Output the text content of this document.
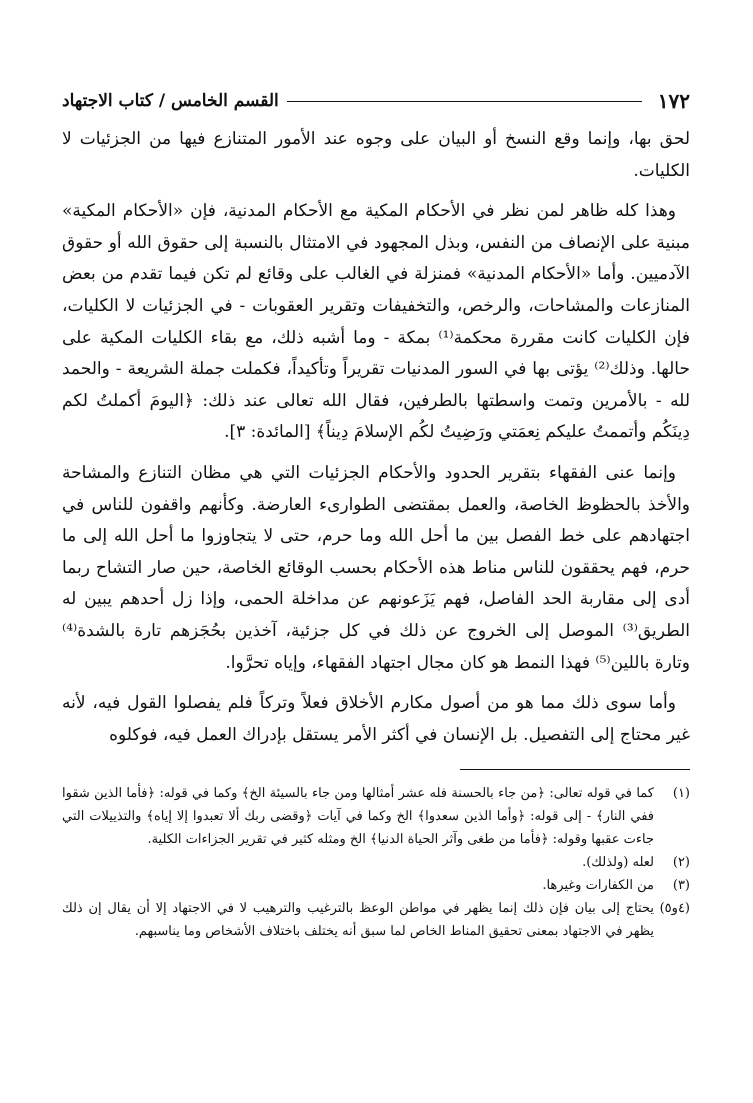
١٧٢
القسم الخامس / كتاب الاجتهاد

لحق بها، وإنما وقع النسخ أو البيان على وجوه عند الأمور المتنازع فيها من الجزئيات لا الكليات.

وهذا كله ظاهر لمن نظر في الأحكام المكية مع الأحكام المدنية، فإن «الأحكام المكية» مبنية على الإنصاف من النفس، وبذل المجهود في الامتثال بالنسبة إلى حقوق الله أو حقوق الآدميين. وأما «الأحكام المدنية» فمنزلة في الغالب على وقائع لم تكن فيما تقدم من بعض المنازعات والمشاحات، والرخص، والتخفيفات وتقرير العقوبات - في الجزئيات لا الكليات، فإن الكليات كانت مقررة محكمة⁽¹⁾ بمكة - وما أشبه ذلك، مع بقاء الكليات المكية على حالها. وذلك⁽²⁾ يؤتى بها في السور المدنيات تقريراً وتأكيداً، فكملت جملة الشريعة - والحمد لله - بالأمرين وتمت واسطتها بالطرفين، فقال الله تعالى عند ذلك: ﴿اليومَ أكملتُ لكم دِينَكُم وأتممتُ عليكم نِعمَتي ورَضِيتُ لكُم الإسلامَ دِيناً﴾ [المائدة: ٣].

وإنما عنى الفقهاء بتقرير الحدود والأحكام الجزئيات التي هي مظان التنازع والمشاحة والأخذ بالحظوظ الخاصة، والعمل بمقتضى الطوارىء العارضة. وكأنهم واقفون للناس في اجتهادهم على خط الفصل بين ما أحل الله وما حرم، حتى لا يتجاوزوا ما أحل الله إلى ما حرم، فهم يحققون للناس مناط هذه الأحكام بحسب الوقائع الخاصة، حين صار التشاح ربما أدى إلى مقاربة الحد الفاصل، فهم يَزَعونهم عن مداخلة الحمى، وإذا زل أحدهم يبين له الطريق⁽³⁾ الموصل إلى الخروج عن ذلك في كل جزئية، آخذين بحُجَزهم تارة بالشدة⁽⁴⁾ وتارة باللين⁽⁵⁾ فهذا النمط هو كان مجال اجتهاد الفقهاء، وإياه تحرَّوا.

وأما سوى ذلك مما هو من أصول مكارم الأخلاق فعلاً وتركاً فلم يفصلوا القول فيه، لأنه غير محتاج إلى التفصيل. بل الإنسان في أكثر الأمر يستقل بإدراك العمل فيه، فوكلوه

(١)
كما في قوله تعالى: ﴿من جاء بالحسنة فله عشر أمثالها ومن جاء بالسيئة الخ﴾ وكما في قوله: ﴿فأما الذين شقوا ففي النار﴾ - إلى قوله: ﴿وأما الذين سعدوا﴾ الخ وكما في آيات ﴿وقضى ربك ألا تعبدوا إلا إياه﴾ والتذييلات التي جاءت عقبها وقوله: ﴿فأما من طغى وآثر الحياة الدنيا﴾ الخ ومثله كثير في تقرير الجزاءات الكلية.
(٢)
لعله (ولذلك).
(٣)
من الكفارات وغيرها.
(٤و٥)
يحتاج إلى بيان فإن ذلك إنما يظهر في مواطن الوعظ بالترغيب والترهيب لا في الاجتهاد إلا أن يقال إن ذلك يظهر في الاجتهاد بمعنى تحقيق المناط الخاص لما سبق أنه يختلف باختلاف الأشخاص وما يناسبهم.
